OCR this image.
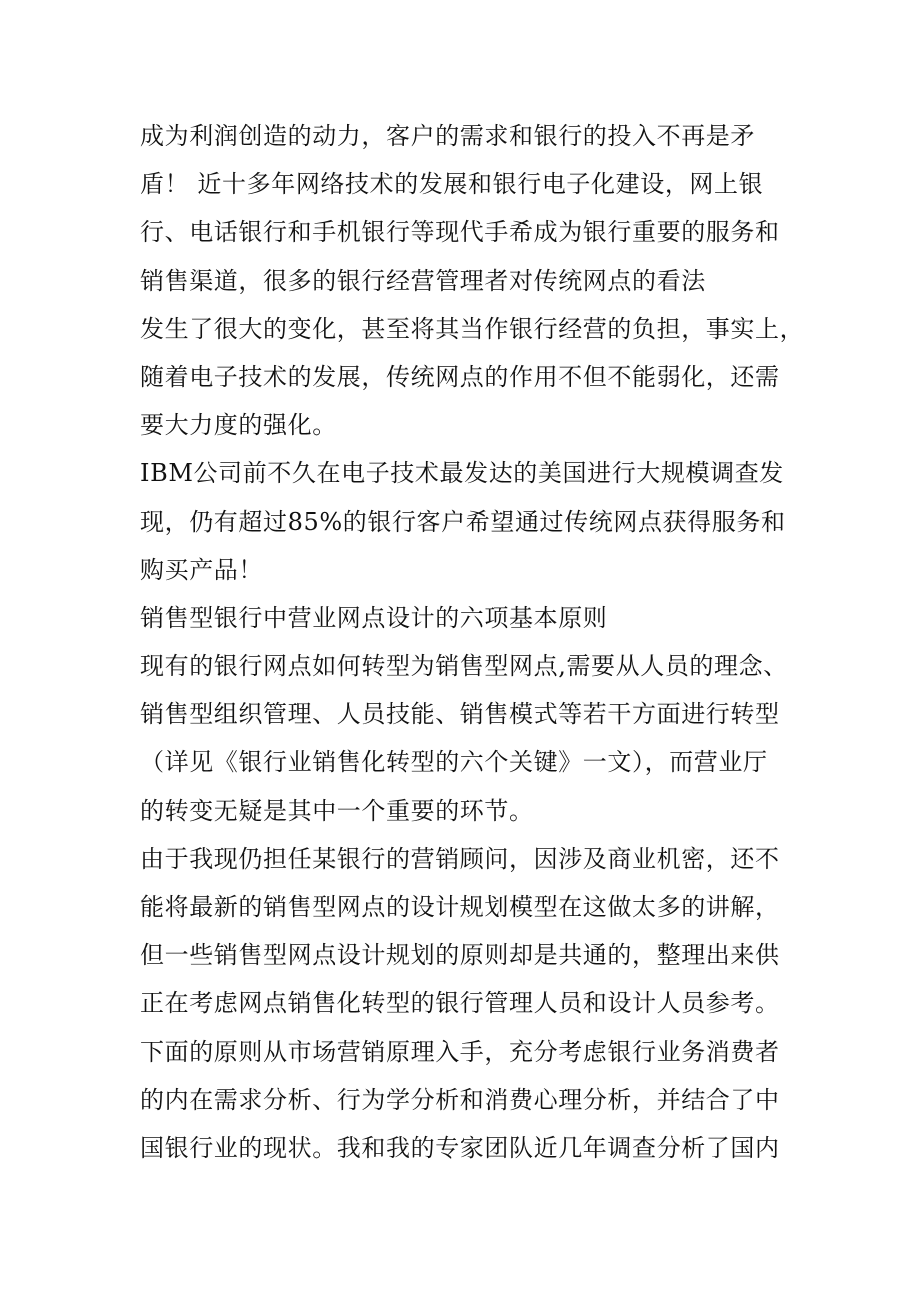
成为利润创造的动力，客户的需求和银行的投入不再是矛
盾！ 近十多年网络技术的发展和银行电子化建设，网上银
行、电话银行和手机银行等现代手希成为银行重要的服务和
销售渠道，很多的银行经营管理者对传统网点的看法
发生了很大的变化，甚至将其当作银行经营的负担，事实上，
随着电子技术的发展，传统网点的作用不但不能弱化，还需
要大力度的强化。
IBM公司前不久在电子技术最发达的美国进行大规模调查发
现，仍有超过85%的银行客户希望通过传统网点获得服务和
购买产品！
销售型银行中营业网点设计的六项基本原则
现有的银行网点如何转型为销售型网点,需要从人员的理念、
销售型组织管理、人员技能、销售模式等若干方面进行转型
（详见《银行业销售化转型的六个关键》一文），而营业厅
的转变无疑是其中一个重要的环节。
由于我现仍担任某银行的营销顾问，因涉及商业机密，还不
能将最新的销售型网点的设计规划模型在这做太多的讲解，
但一些销售型网点设计规划的原则却是共通的，整理出来供
正在考虑网点销售化转型的银行管理人员和设计人员参考。
下面的原则从市场营销原理入手，充分考虑银行业务消费者
的内在需求分析、行为学分析和消费心理分析，并结合了中
国银行业的现状。我和我的专家团队近几年调查分析了国内
